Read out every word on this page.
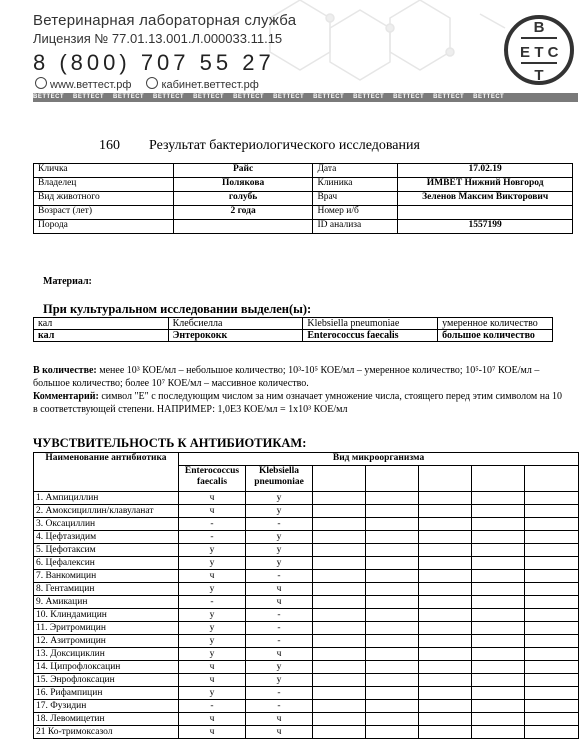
Ветеринарная лабораторная служба
Лицензия № 77.01.13.001.Л.000033.11.15
8 (800) 707 55 27
www.веттест.рф	кабинет.веттест.рф
ВЕТТЕСТ ВЕТТЕСТ ВЕТТЕСТ ВЕТТЕСТ ВЕТТЕСТ ВЕТТЕСТ ВЕТТЕСТ ВЕТТЕСТ ВЕТТЕСТ ВЕТТЕСТ ВЕТТЕСТ ВЕТТЕСТ
В
Е Т С
Т
160 Результат бактериологического исследования
Кличка	Райс	Дата	17.02.19
Владелец	Полякова	Клиника	ИМВЕТ Нижний Новгород
Вид животного	голубь	Врач	Зеленов Максим Викторович
Возраст (лет)	2 года	Номер и/б	
Порода		ID анализа	1557199
Материал:
При культуральном исследовании выделен(ы):
кал	Клебсиелла	Klebsiella pneumoniae	умеренное количество
кал	Энтерококк	Enterococcus faecalis	большое количество
В количестве: менее 10³ КОЕ/мл – небольшое количество; 10³-10⁵ КОЕ/мл – умеренное количество; 10⁵-10⁷ КОЕ/мл – большое количество; более 10⁷ КОЕ/мл – массивное количество.
Комментарий: символ "E" с последующим числом за ним означает умножение числа, стоящего перед этим символом на 10 в соответствующей степени. НАПРИМЕР: 1,0E3 КОЕ/мл = 1x10³ КОЕ/мл
ЧУВСТВИТЕЛЬНОСТЬ К АНТИБИОТИКАМ:
Наименование антибиотика	Вид микроорганизма						
	Enterococcus faecalis	Klebsiella pneumoniae					
1. Ампициллин	ч	у					
2. Амоксициллин/клавуланат	ч	у					
3. Оксациллин	-	-					
4. Цефтазидим	-	у					
5. Цефотаксим	у	у					
6. Цефалексин	у	у					
7. Ванкомицин	ч	-					
8. Гентамицин	у	ч					
9. Амикацин	-	ч					
10. Клиндамицин	у	-					
11. Эритромицин	у	-					
12. Азитромицин	у	-					
13. Доксициклин	у	ч					
14. Ципрофлоксацин	ч	у					
15. Энрофлоксацин	ч	у					
16. Рифампицин	у	-					
17. Фузидин	-	-					
18. Левомицетин	ч	ч					
21 Ко-тримоксазол	ч	ч					
